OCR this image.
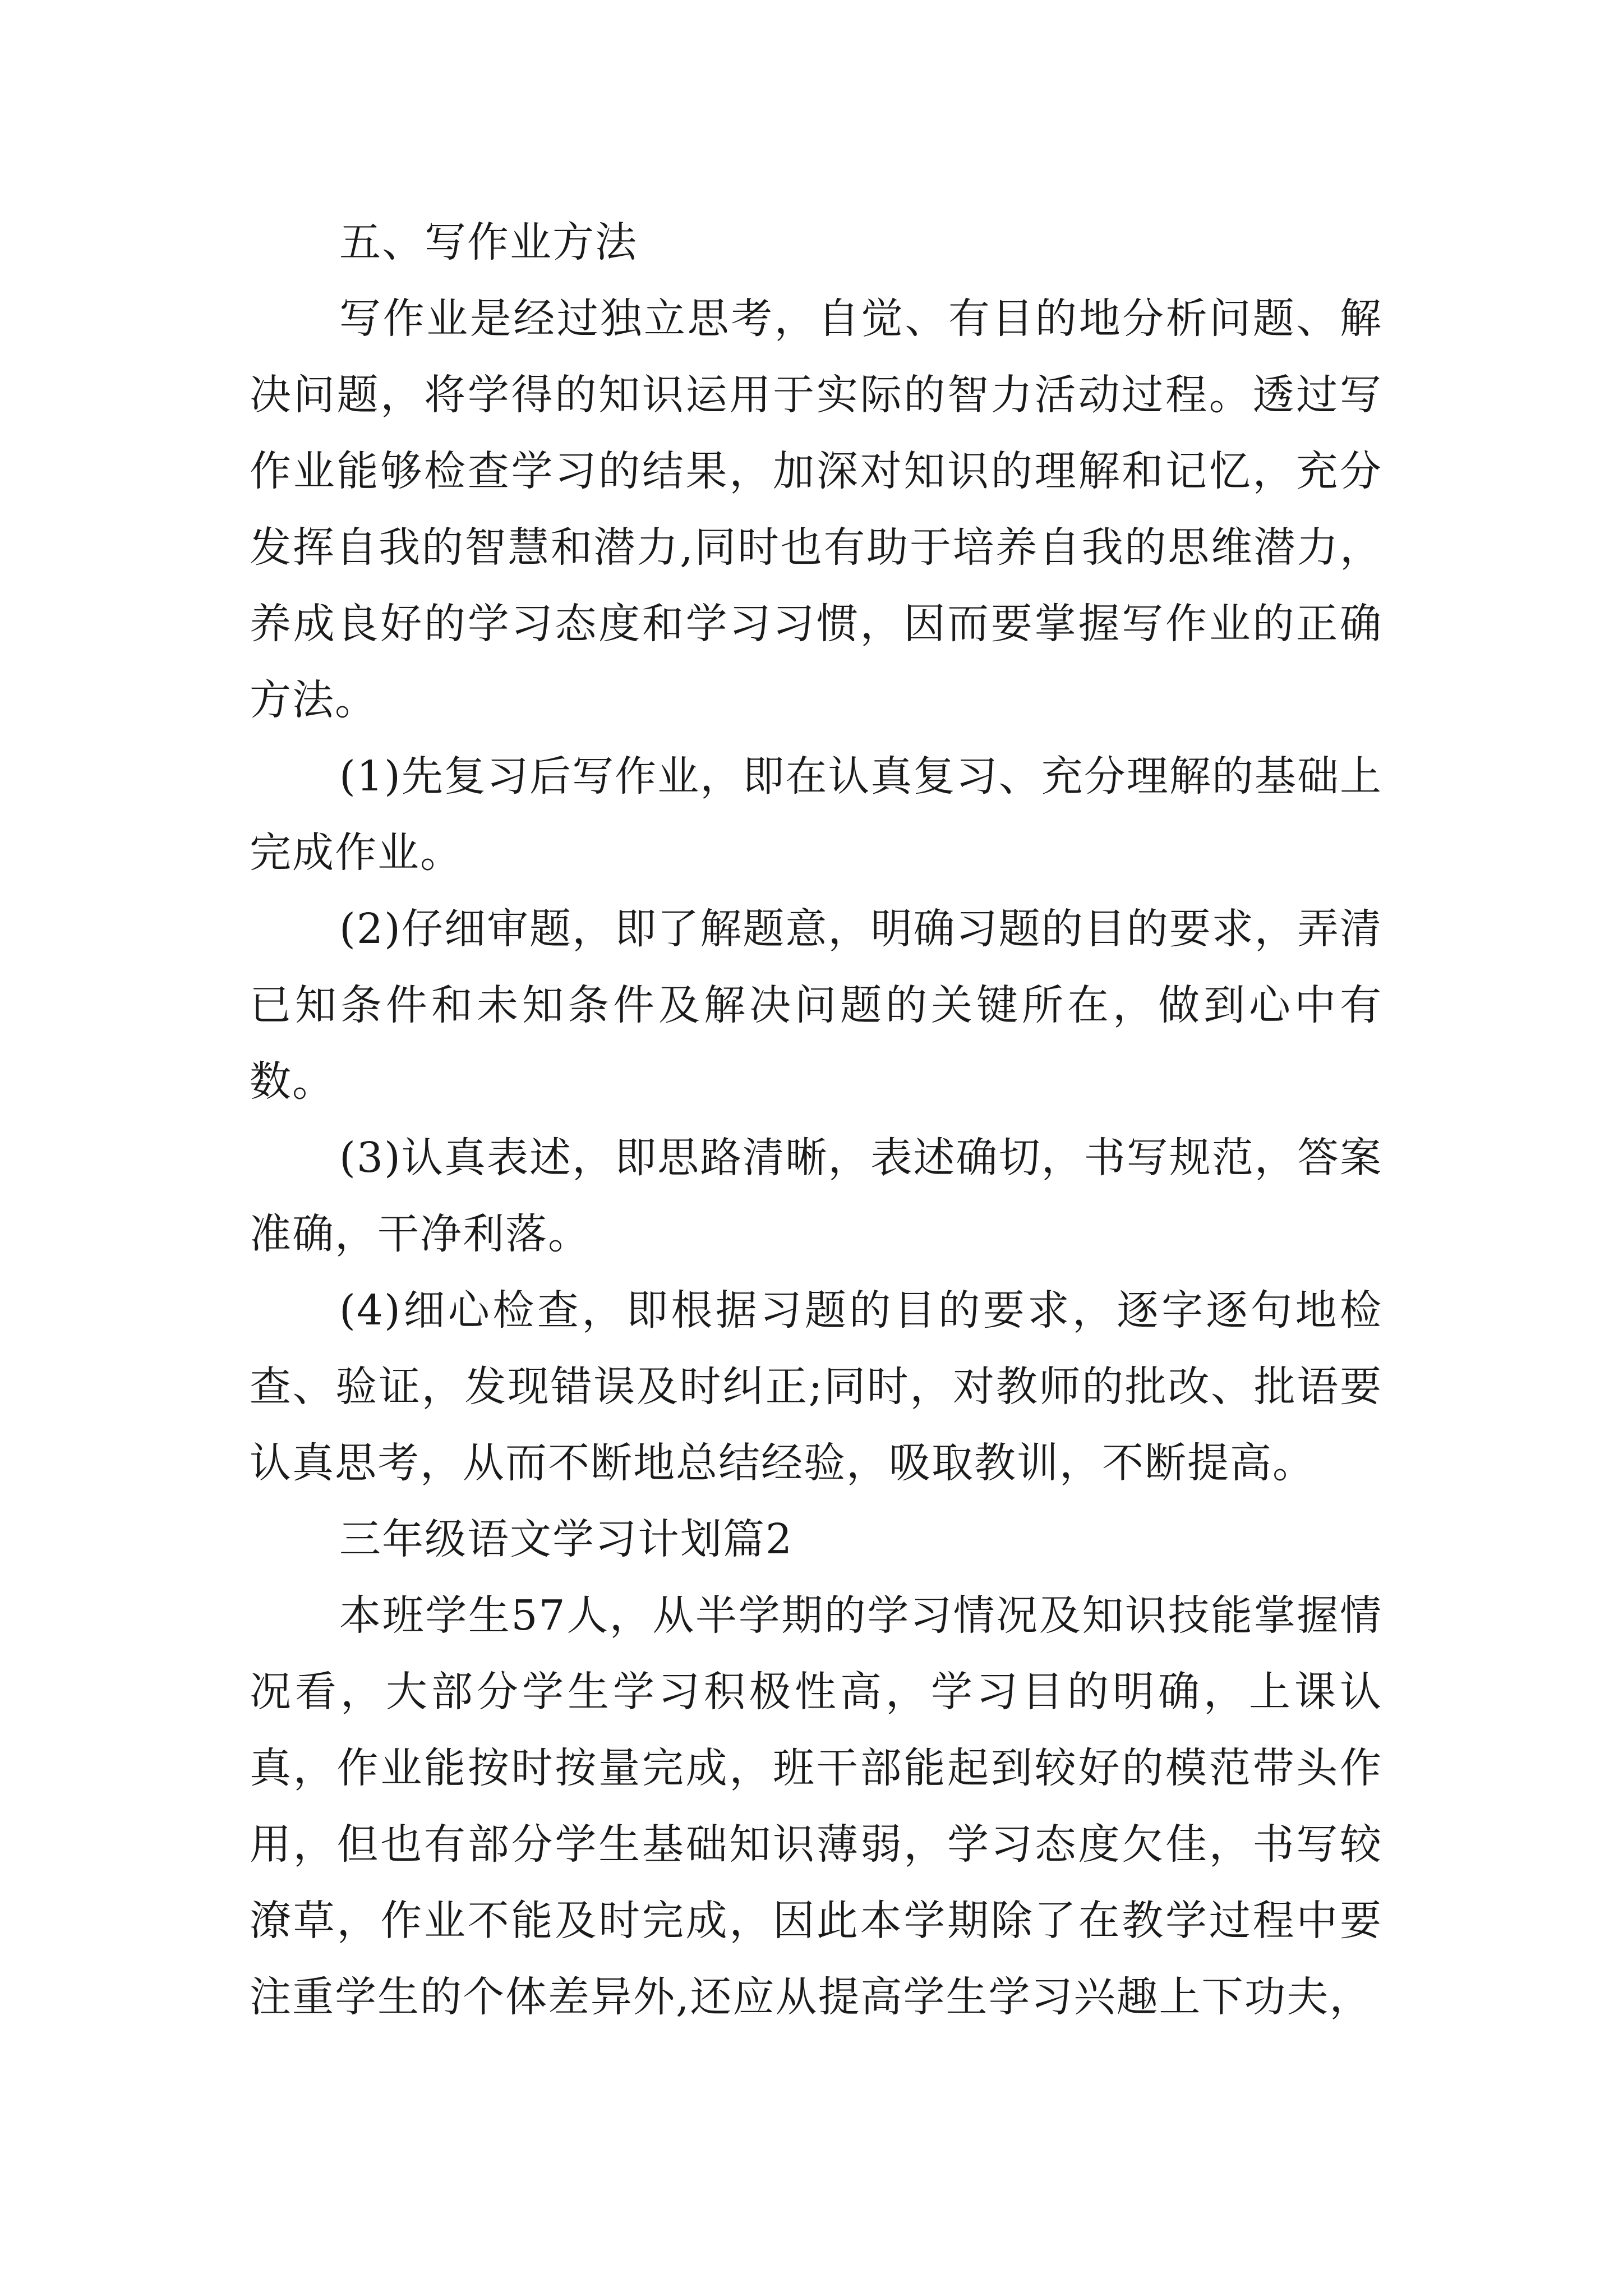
五、写作业方法

写作业是经过独立思考，自觉、有目的地分析问题、解决问题，将学得的知识运用于实际的智力活动过程。透过写作业能够检查学习的结果，加深对知识的理解和记忆，充分发挥自我的智慧和潜力,同时也有助于培养自我的思维潜力，养成良好的学习态度和学习习惯，因而要掌握写作业的正确方法。

(1)先复习后写作业，即在认真复习、充分理解的基础上完成作业。

(2)仔细审题，即了解题意，明确习题的目的要求，弄清已知条件和未知条件及解决问题的关键所在，做到心中有数。

(3)认真表述，即思路清晰，表述确切，书写规范，答案准确，干净利落。

(4)细心检查，即根据习题的目的要求，逐字逐句地检查、验证，发现错误及时纠正;同时，对教师的批改、批语要认真思考，从而不断地总结经验，吸取教训，不断提高。

三年级语文学习计划篇2

本班学生57人，从半学期的学习情况及知识技能掌握情况看，大部分学生学习积极性高，学习目的明确，上课认真，作业能按时按量完成，班干部能起到较好的模范带头作用，但也有部分学生基础知识薄弱，学习态度欠佳，书写较潦草，作业不能及时完成，因此本学期除了在教学过程中要注重学生的个体差异外,还应从提高学生学习兴趣上下功夫，
